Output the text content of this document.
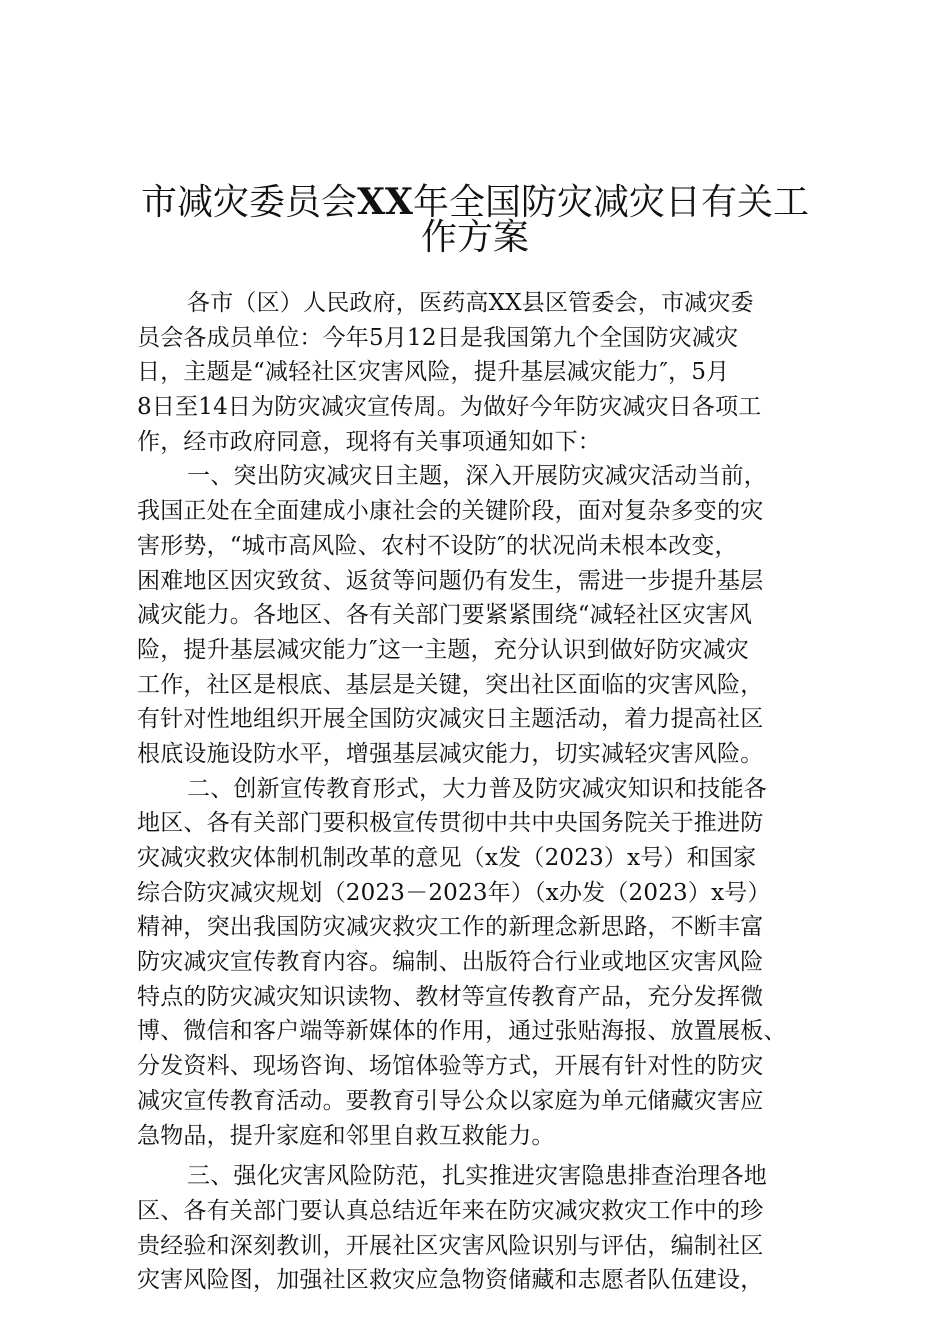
市减灾委员会XX年全国防灾减灾日有关工
作方案
各市（区）人民政府，医药高XX县区管委会，市减灾委
员会各成员单位：今年5月12日是我国第九个全国防灾减灾
日，主题是“减轻社区灾害风险，提升基层减灾能力″，5月
8日至14日为防灾减灾宣传周。为做好今年防灾减灾日各项工
作，经市政府同意，现将有关事项通知如下：
一、突出防灾减灾日主题，深入开展防灾减灾活动当前，
我国正处在全面建成小康社会的关键阶段，面对复杂多变的灾
害形势，“城市高风险、农村不设防″的状况尚未根本改变，
困难地区因灾致贫、返贫等问题仍有发生，需进一步提升基层
减灾能力。各地区、各有关部门要紧紧围绕“减轻社区灾害风
险，提升基层减灾能力″这一主题，充分认识到做好防灾减灾
工作，社区是根底、基层是关键，突出社区面临的灾害风险，
有针对性地组织开展全国防灾减灾日主题活动，着力提高社区
根底设施设防水平，增强基层减灾能力，切实减轻灾害风险。
二、创新宣传教育形式，大力普及防灾减灾知识和技能各
地区、各有关部门要积极宣传贯彻中共中央国务院关于推进防
灾减灾救灾体制机制改革的意见（x发（2023）x号）和国家
综合防灾减灾规划（2023－2023年）（x办发（2023）x号）
精神，突出我国防灾减灾救灾工作的新理念新思路，不断丰富
防灾减灾宣传教育内容。编制、出版符合行业或地区灾害风险
特点的防灾减灾知识读物、教材等宣传教育产品，充分发挥微
博、微信和客户端等新媒体的作用，通过张贴海报、放置展板、
分发资料、现场咨询、场馆体验等方式，开展有针对性的防灾
减灾宣传教育活动。要教育引导公众以家庭为单元储藏灾害应
急物品，提升家庭和邻里自救互救能力。
三、强化灾害风险防范，扎实推进灾害隐患排查治理各地
区、各有关部门要认真总结近年来在防灾减灾救灾工作中的珍
贵经验和深刻教训，开展社区灾害风险识别与评估，编制社区
灾害风险图，加强社区救灾应急物资储藏和志愿者队伍建设，
